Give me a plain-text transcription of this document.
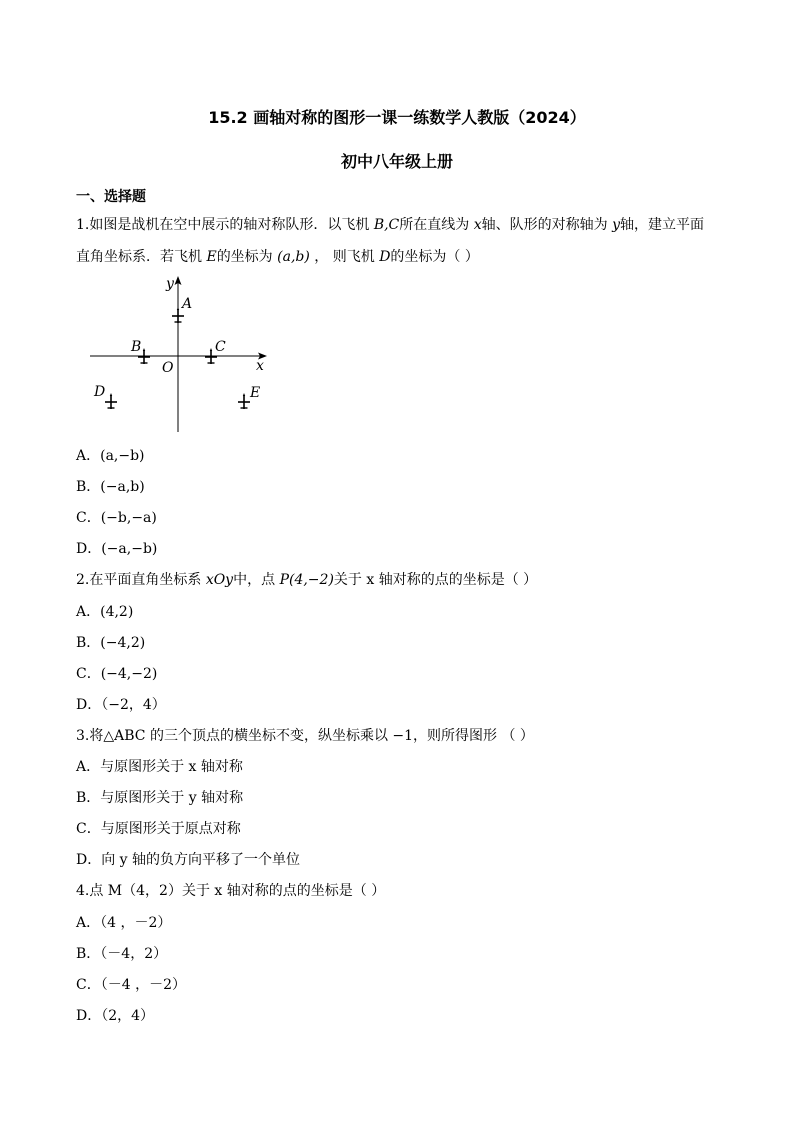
15.2 画轴对称的图形一课一练数学人教版（2024）
初中八年级上册
一、选择题
1.如图是战机在空中展示的轴对称队形．以飞机 B,C所在直线为 x轴、队形的对称轴为 y轴，建立平面
直角坐标系．若飞机 E的坐标为 (a,b) ， 则飞机 D的坐标为（ ）
y
x
O
A
B	C
D	E
A．(a,−b)
B．(−a,b)
C．(−b,−a)
D．(−a,−b)
2.在平面直角坐标系 xOy中，点 P(4,−2)关于 x 轴对称的点的坐标是（ ）
A．(4,2)
B．(−4,2)
C．(−4,−2)
D．（−2，4）
3.将△ABC 的三个顶点的横坐标不变，纵坐标乘以 −1，则所得图形 （ ）
A．与原图形关于 x 轴对称
B．与原图形关于 y 轴对称
C．与原图形关于原点对称
D．向 y 轴的负方向平移了一个单位
4.点 M（4，2）关于 x 轴对称的点的坐标是（ ）
A．（4 ，－2）
B．（－4，2）
C．（－4 ，－2）
D．（2，4）
